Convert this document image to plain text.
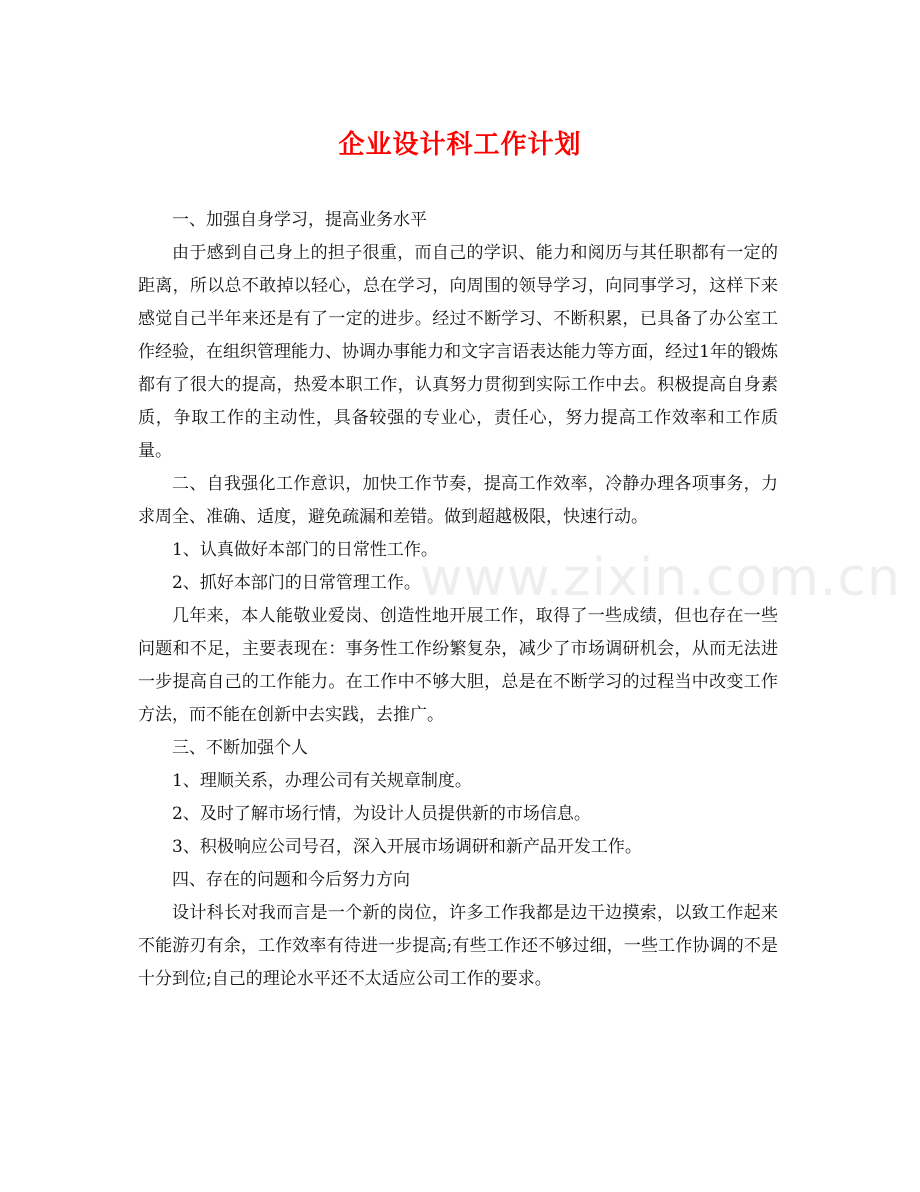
企业设计科工作计划

一、加强自身学习，提高业务水平

由于感到自己身上的担子很重，而自己的学识、能力和阅历与其任职都有一定的距离，所以总不敢掉以轻心，总在学习，向周围的领导学习，向同事学习，这样下来感觉自己半年来还是有了一定的进步。经过不断学习、不断积累，已具备了办公室工作经验，在组织管理能力、协调办事能力和文字言语表达能力等方面，经过1年的锻炼都有了很大的提高，热爱本职工作，认真努力贯彻到实际工作中去。积极提高自身素质，争取工作的主动性，具备较强的专业心，责任心，努力提高工作效率和工作质量。

二、自我强化工作意识，加快工作节奏，提高工作效率，冷静办理各项事务，力求周全、准确、适度，避免疏漏和差错。做到超越极限，快速行动。

1、认真做好本部门的日常性工作。

2、抓好本部门的日常管理工作。

几年来，本人能敬业爱岗、创造性地开展工作，取得了一些成绩，但也存在一些问题和不足，主要表现在：事务性工作纷繁复杂，减少了市场调研机会，从而无法进一步提高自己的工作能力。在工作中不够大胆，总是在不断学习的过程当中改变工作方法，而不能在创新中去实践，去推广。

三、不断加强个人

1、理顺关系，办理公司有关规章制度。

2、及时了解市场行情，为设计人员提供新的市场信息。

3、积极响应公司号召，深入开展市场调研和新产品开发工作。

四、存在的问题和今后努力方向

设计科长对我而言是一个新的岗位，许多工作我都是边干边摸索，以致工作起来不能游刃有余，工作效率有待进一步提高;有些工作还不够过细，一些工作协调的不是十分到位;自己的理论水平还不太适应公司工作的要求。

www.zixin.com.cn
